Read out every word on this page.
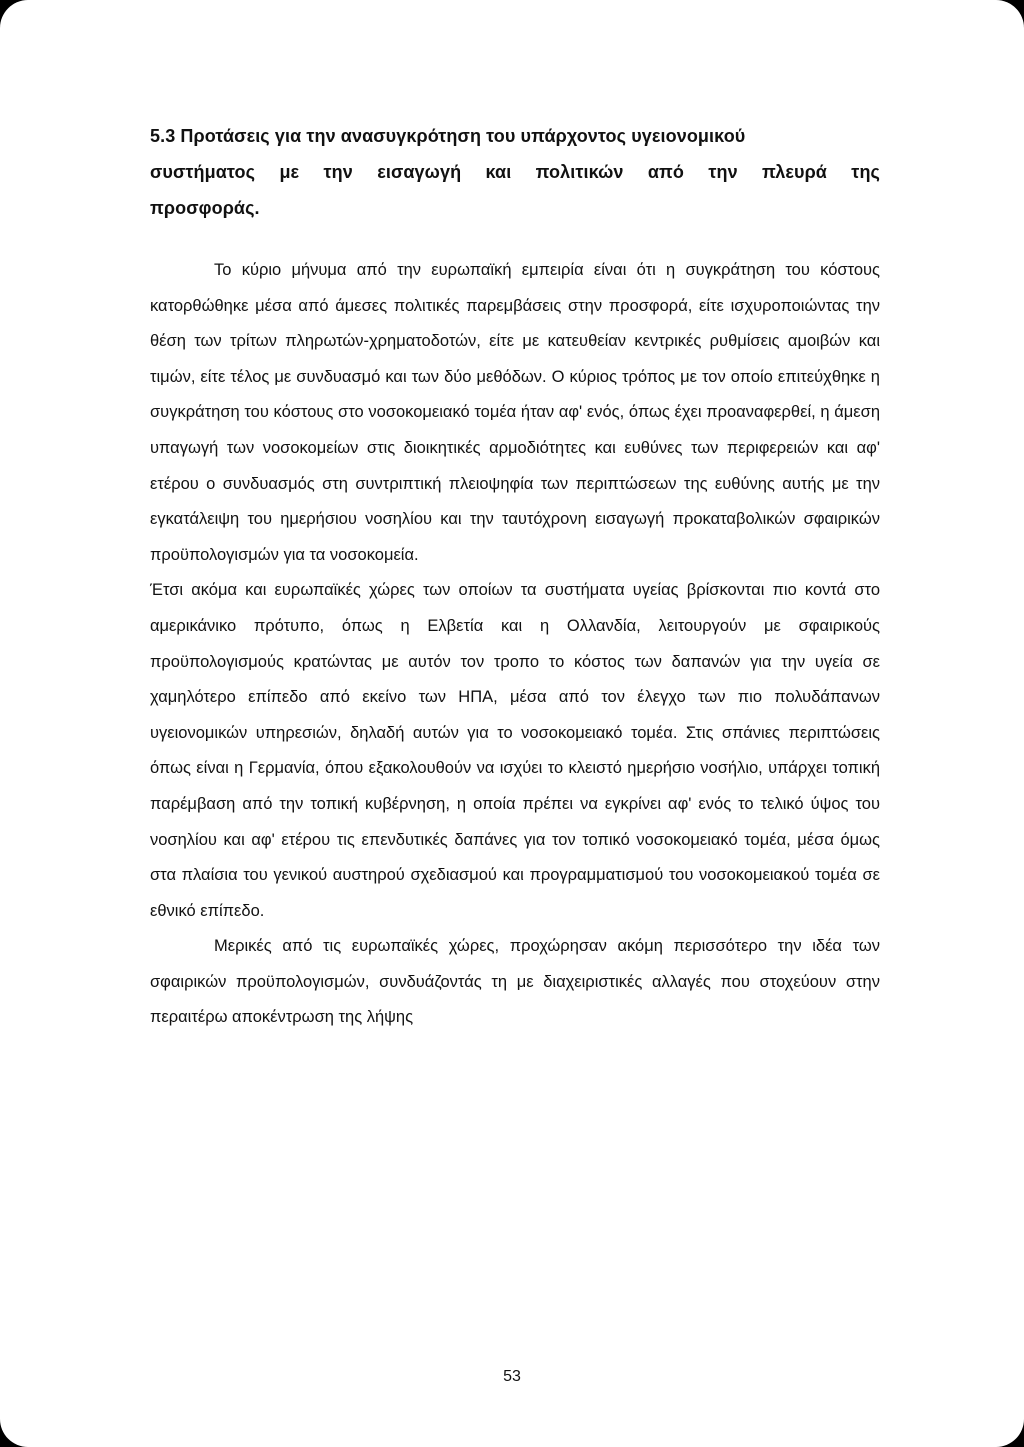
5.3 Προτάσεις για την ανασυγκρότηση του υπάρχοντος υγειονομικού
συστήματος με την εισαγωγή και πολιτικών από την πλευρά της
προσφοράς.

Το κύριο μήνυμα από την ευρωπαϊκή εμπειρία είναι ότι η συγκράτηση του κόστους κατορθώθηκε μέσα από άμεσες πολιτικές παρεμβάσεις στην προσφορά, είτε ισχυροποιώντας την θέση των τρίτων πληρωτών-χρηματοδοτών, είτε με κατευθείαν κεντρικές ρυθμίσεις αμοιβών και τιμών, είτε τέλος με συνδυασμό και των δύο μεθόδων. Ο κύριος τρόπος με τον οποίο επιτεύχθηκε η συγκράτηση του κόστους στο νοσοκομειακό τομέα ήταν αφ' ενός, όπως έχει προαναφερθεί, η άμεση υπαγωγή των νοσοκομείων στις διοικητικές αρμοδιότητες και ευθύνες των περιφερειών και αφ' ετέρου ο συνδυασμός στη συντριπτική πλειοψηφία των περιπτώσεων της ευθύνης αυτής με την εγκατάλειψη του ημερήσιου νοσηλίου και την ταυτόχρονη εισαγωγή προκαταβολικών σφαιρικών προϋπολογισμών για τα νοσοκομεία.

Έτσι ακόμα και ευρωπαϊκές χώρες των οποίων τα συστήματα υγείας βρίσκονται πιο κοντά στο αμερικάνικο πρότυπο, όπως η Ελβετία και η Ολλανδία, λειτουργούν με σφαιρικούς προϋπολογισμούς κρατώντας με αυτόν τον τροπο το κόστος των δαπανών για την υγεία σε χαμηλότερο επίπεδο από εκείνο των ΗΠΑ, μέσα από τον έλεγχο των πιο πολυδάπανων υγειονομικών υπηρεσιών, δηλαδή αυτών για το νοσοκομειακό τομέα. Στις σπάνιες περιπτώσεις όπως είναι η Γερμανία, όπου εξακολουθούν να ισχύει το κλειστό ημερήσιο νοσήλιο, υπάρχει τοπική παρέμβαση από την τοπική κυβέρνηση, η οποία πρέπει να εγκρίνει αφ' ενός το τελικό ύψος του νοσηλίου και αφ' ετέρου τις επενδυτικές δαπάνες για τον τοπικό νοσοκομειακό τομέα, μέσα όμως στα πλαίσια του γενικού αυστηρού σχεδιασμού και προγραμματισμού του νοσοκομειακού τομέα σε εθνικό επίπεδο.

Μερικές από τις ευρωπαϊκές χώρες, προχώρησαν ακόμη περισσότερο την ιδέα των σφαιρικών προϋπολογισμών, συνδυάζοντάς τη με διαχειριστικές αλλαγές που στοχεύουν στην περαιτέρω αποκέντρωση της λήψης

53
